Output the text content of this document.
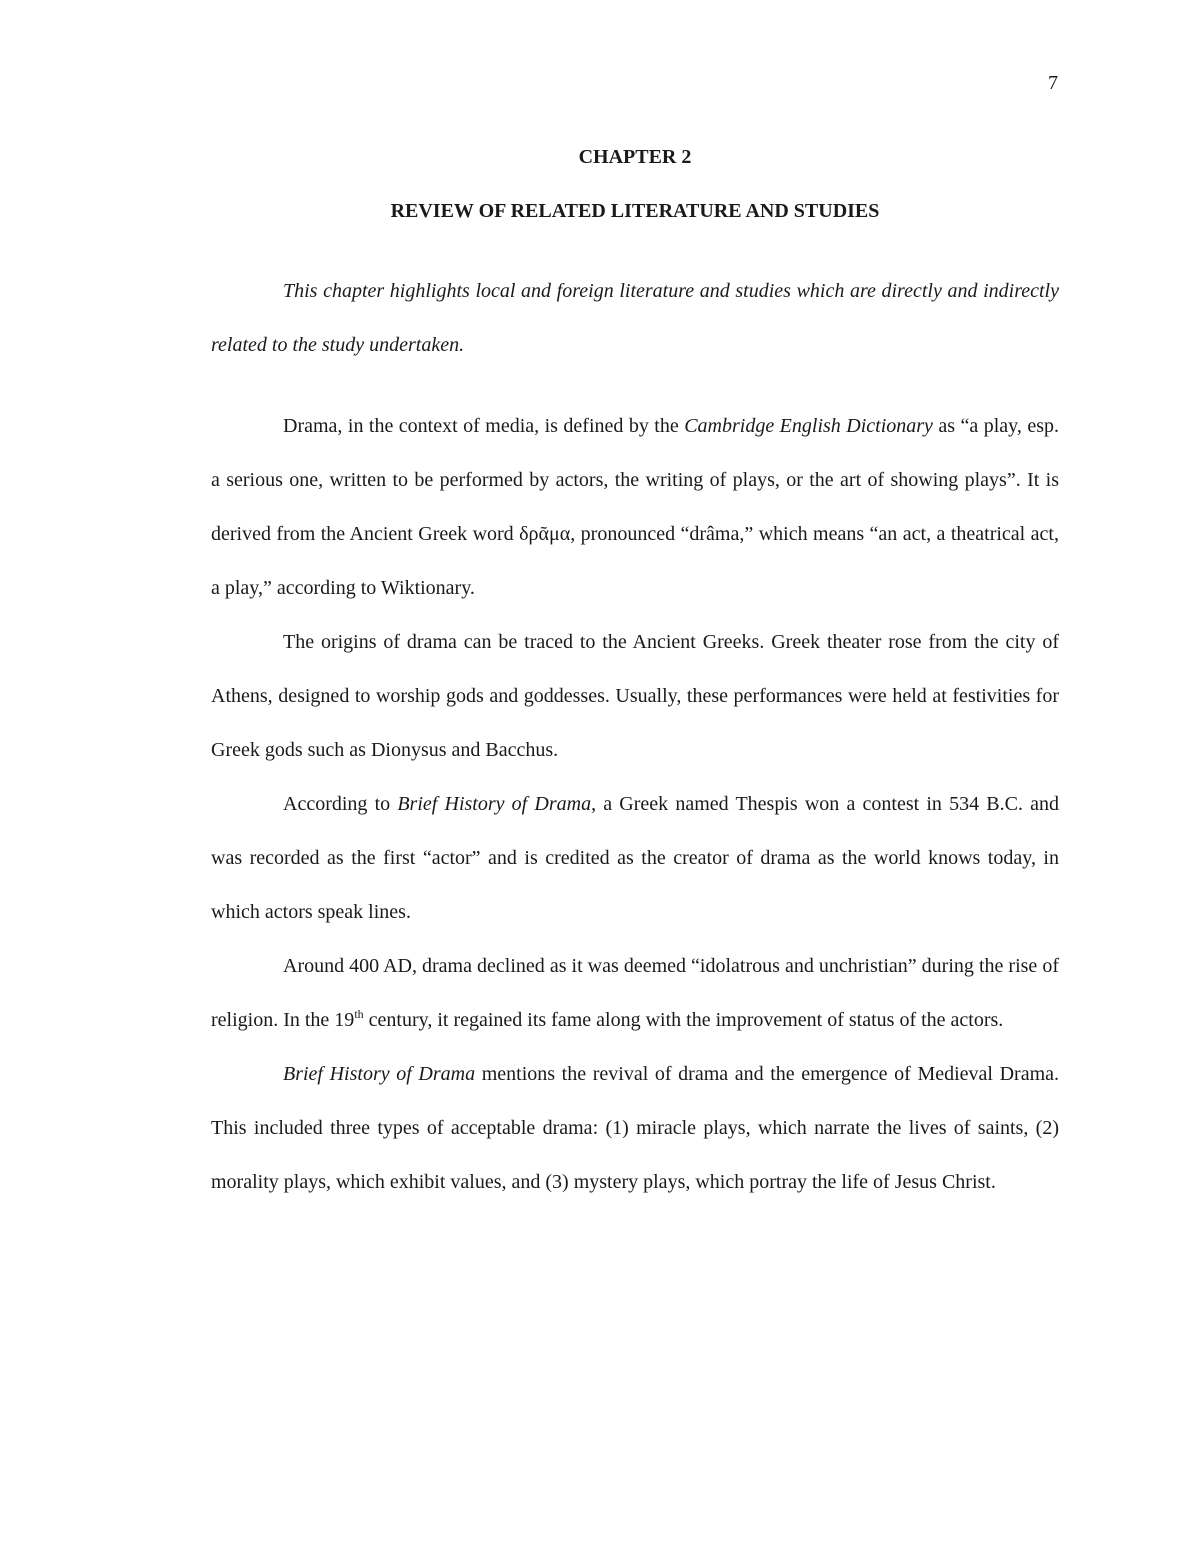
7
CHAPTER 2
REVIEW OF RELATED LITERATURE AND STUDIES

This chapter highlights local and foreign literature and studies which are directly and indirectly related to the study undertaken.

Drama, in the context of media, is defined by the Cambridge English Dictionary as “a play, esp. a serious one, written to be performed by actors, the writing of plays, or the art of showing plays”. It is derived from the Ancient Greek word δρᾶμα, pronounced “drâma,” which means “an act, a theatrical act, a play,” according to Wiktionary.

The origins of drama can be traced to the Ancient Greeks. Greek theater rose from the city of Athens, designed to worship gods and goddesses. Usually, these performances were held at festivities for Greek gods such as Dionysus and Bacchus.

According to Brief History of Drama, a Greek named Thespis won a contest in 534 B.C. and was recorded as the first “actor” and is credited as the creator of drama as the world knows today, in which actors speak lines.

Around 400 AD, drama declined as it was deemed “idolatrous and unchristian” during the rise of religion. In the 19th century, it regained its fame along with the improvement of status of the actors.

Brief History of Drama mentions the revival of drama and the emergence of Medieval Drama. This included three types of acceptable drama: (1) miracle plays, which narrate the lives of saints, (2) morality plays, which exhibit values, and (3) mystery plays, which portray the life of Jesus Christ.
